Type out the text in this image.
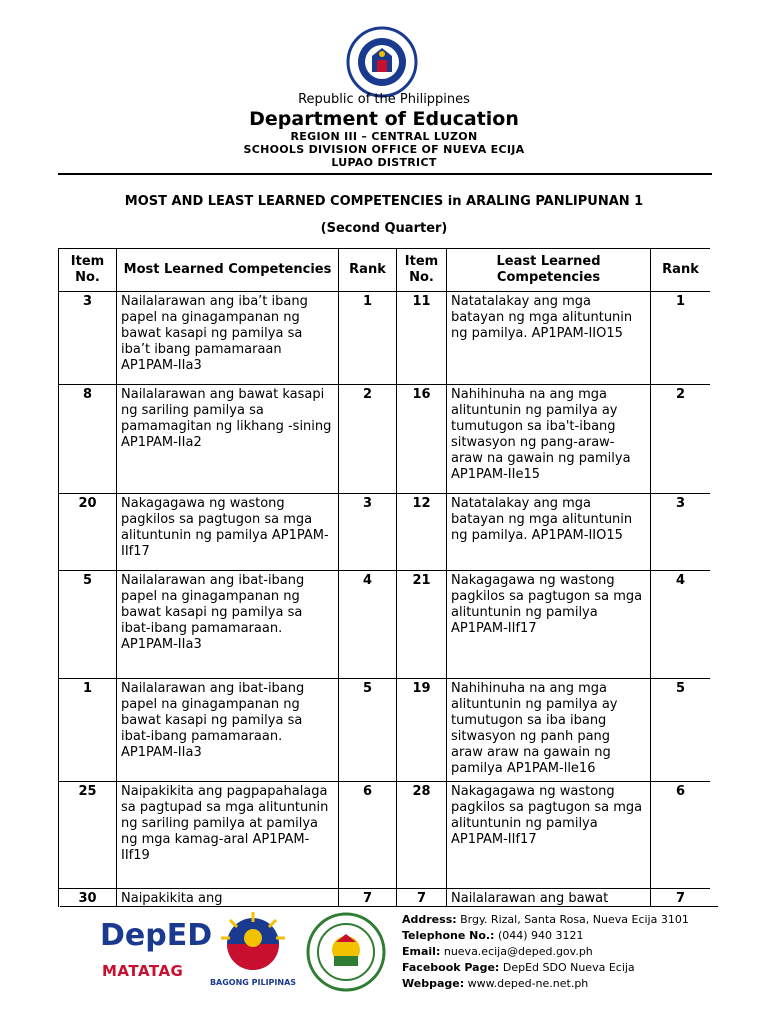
Republic of the Philippines
Department of Education
REGION III – CENTRAL LUZON
SCHOOLS DIVISION OFFICE OF NUEVA ECIJA
LUPAO DISTRICT
MOST AND LEAST LEARNED COMPETENCIES in ARALING PANLIPUNAN 1
(Second Quarter)
Item No.	Most Learned Competencies	Rank	Item No.	Least Learned Competencies	Rank
3	Nailalarawan ang iba’t ibang papel na ginagampanan ng bawat kasapi ng pamilya sa iba’t ibang pamamaraan AP1PAM-IIa3	1	11	Natatalakay ang mga batayan ng mga alituntunin ng pamilya. AP1PAM-IIO15	1
8	Nailalarawan ang bawat kasapi ng sariling pamilya sa pamamagitan ng likhang -sining AP1PAM-IIa2	2	16	Nahihinuha na ang mga alituntunin ng pamilya ay tumutugon sa iba't-ibang sitwasyon ng pang-araw-araw na gawain ng pamilya AP1PAM-IIe15	2
20	Nakagagawa ng wastong pagkilos sa pagtugon sa mga alituntunin ng pamilya AP1PAM-IIf17	3	12	Natatalakay ang mga batayan ng mga alituntunin ng pamilya. AP1PAM-IIO15	3
5	Nailalarawan ang ibat-ibang papel na ginagampanan ng bawat kasapi ng pamilya sa ibat-ibang pamamaraan. AP1PAM-IIa3	4	21	Nakagagawa ng wastong pagkilos sa pagtugon sa mga alituntunin ng pamilya AP1PAM-IIf17	4
1	Nailalarawan ang ibat-ibang papel na ginagampanan ng bawat kasapi ng pamilya sa ibat-ibang pamamaraan. AP1PAM-IIa3	5	19	Nahihinuha na ang mga alituntunin ng pamilya ay tumutugon sa iba ibang sitwasyon ng panh pang araw araw na gawain ng pamilya AP1PAM-lle16	5
25	Naipakikita ang pagpapahalaga sa pagtupad sa mga alituntunin ng sariling pamilya at pamilya ng mga kamag-aral AP1PAM-IIf19	6	28	Nakagagawa ng wastong pagkilos sa pagtugon sa mga alituntunin ng pamilya AP1PAM-IIf17	6
30	Naipakikita ang	7	7	Nailalarawan ang bawat	7
DepED
MATATAG
BAGONG PILIPINAS
Address: Brgy. Rizal, Santa Rosa, Nueva Ecija 3101
Telephone No.: (044) 940 3121
Email: nueva.ecija@deped.gov.ph
Facebook Page: DepEd SDO Nueva Ecija
Webpage: www.deped-ne.net.ph
